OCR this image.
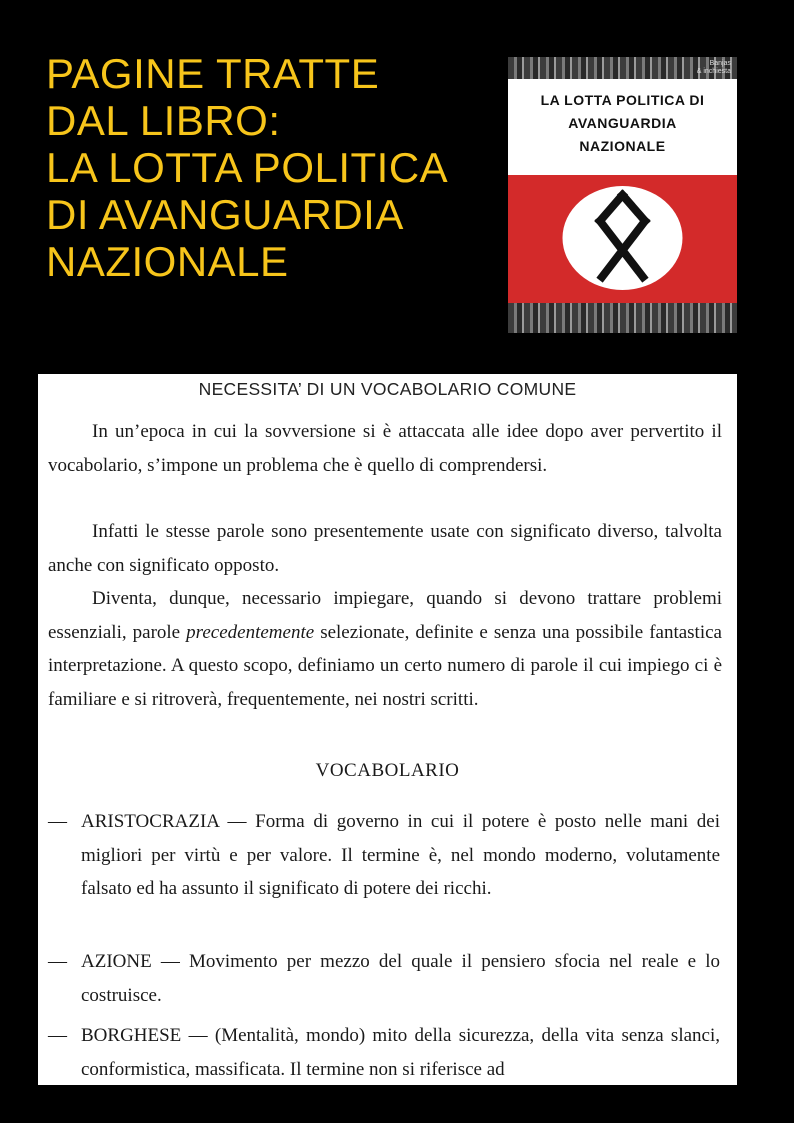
PAGINE TRATTE
DAL LIBRO:
LA LOTTA POLITICA
DI AVANGUARDIA
NAZIONALE
Banjas
& inchiesta
LA LOTTA POLITICA DI
AVANGUARDIA
NAZIONALE
NECESSITA’ DI UN VOCABOLARIO COMUNE

In un’epoca in cui la sovversione si è attaccata alle idee dopo aver pervertito il vocabolario, s’impone un problema che è quello di comprendersi.

Infatti le stesse parole sono presentemente usate con significato diverso, talvolta anche con significato opposto.

Diventa, dunque, necessario impiegare, quando si devono trattare problemi essenziali, parole precedentemente selezionate, definite e senza una possibile fantastica interpretazione. A questo scopo, definiamo un certo numero di parole il cui impiego ci è familiare e si ritroverà, frequentemente, nei nostri scritti.

VOCABOLARIO

— ARISTOCRAZIA — Forma di governo in cui il potere è posto nelle mani dei migliori per virtù e per valore. Il termine è, nel mondo moderno, volutamente falsato ed ha assunto il significato di potere dei ricchi.

— AZIONE — Movimento per mezzo del quale il pensiero sfocia nel reale e lo costruisce.

— BORGHESE — (Mentalità, mondo) mito della sicurezza, della vita senza slanci, conformistica, massificata. Il termine non si riferisce ad
